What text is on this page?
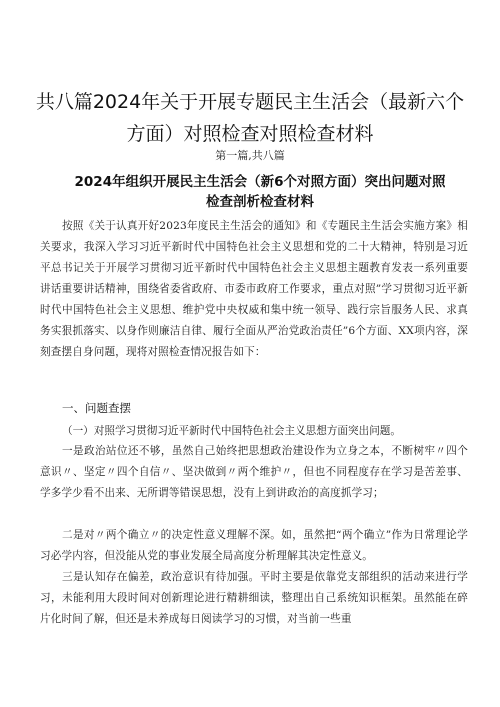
共八篇2024年关于开展专题民主生活会（最新六个
方面）对照检查对照检查材料
第一篇,共八篇
2024年组织开展民主生活会（新6个对照方面）突出问题对照
检查剖析检查材料

按照《关于认真开好2023年度民主生活会的通知》和《专题民主生活会实施方案》相关要求，我深入学习习近平新时代中国特色社会主义思想和党的二十大精神，特别是习近平总书记关于开展学习贯彻习近平新时代中国特色社会主义思想主题教育发表一系列重要讲话重要讲话精神，围绕省委省政府、市委市政府工作要求，重点对照”学习贯彻习近平新时代中国特色社会主义思想、维护党中央权威和集中统一领导、践行宗旨服务人民、求真务实狠抓落实、以身作则廉洁自律、履行全面从严治党政治责任”6个方面、XX项内容，深刻查摆自身问题，现将对照检查情况报告如下：

一、问题查摆

（一）对照学习贯彻习近平新时代中国特色社会主义思想方面突出问题。

一是政治站位还不够，虽然自己始终把思想政治建设作为立身之本，不断树牢〃四个意识〃、坚定〃四个自信〃、坚决做到〃两个维护〃，但也不同程度存在学习是苦差事、学多学少看不出来、无所谓等错误思想，没有上到讲政治的高度抓学习；

二是对〃两个确立〃的决定性意义理解不深。如，虽然把“两个确立”作为日常理论学习必学内容，但没能从党的事业发展全局高度分析理解其决定性意义。

三是认知存在偏差，政治意识有待加强。平时主要是依靠党支部组织的活动来进行学习，未能利用大段时间对创新理论进行精耕细读，整理出自己系统知识框架。虽然能在碎片化时间了解，但还是未养成每日阅读学习的习惯，对当前一些重
